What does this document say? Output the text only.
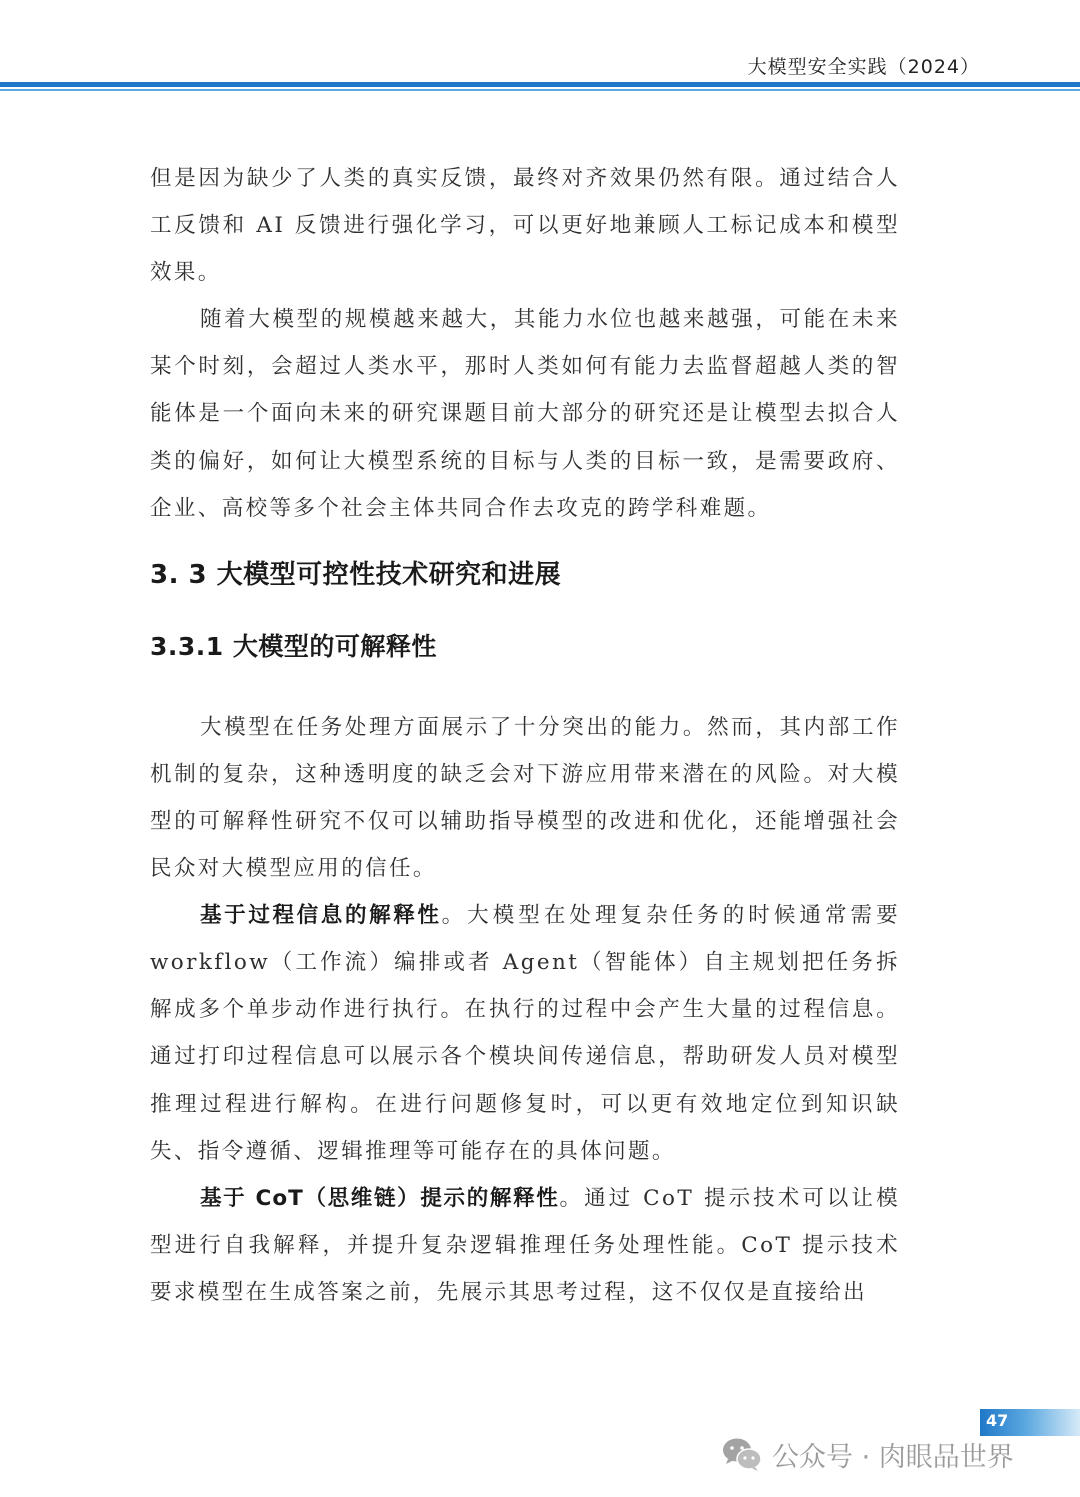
大模型安全实践（2024）

但是因为缺少了人类的真实反馈，最终对齐效果仍然有限。通过结合人工反馈和 AI 反馈进行强化学习，可以更好地兼顾人工标记成本和模型效果。

随着大模型的规模越来越大，其能力水位也越来越强，可能在未来某个时刻，会超过人类水平，那时人类如何有能力去监督超越人类的智能体是一个面向未来的研究课题目前大部分的研究还是让模型去拟合人类的偏好，如何让大模型系统的目标与人类的目标一致，是需要政府、企业、高校等多个社会主体共同合作去攻克的跨学科难题。

3. 3 大模型可控性技术研究和进展
3.3.1 大模型的可解释性

大模型在任务处理方面展示了十分突出的能力。然而，其内部工作机制的复杂，这种透明度的缺乏会对下游应用带来潜在的风险。对大模型的可解释性研究不仅可以辅助指导模型的改进和优化，还能增强社会民众对大模型应用的信任。

基于过程信息的解释性。大模型在处理复杂任务的时候通常需要 workflow（工作流）编排或者 Agent（智能体）自主规划把任务拆解成多个单步动作进行执行。在执行的过程中会产生大量的过程信息。通过打印过程信息可以展示各个模块间传递信息，帮助研发人员对模型推理过程进行解构。在进行问题修复时，可以更有效地定位到知识缺失、指令遵循、逻辑推理等可能存在的具体问题。

基于 CoT（思维链）提示的解释性。通过 CoT 提示技术可以让模型进行自我解释，并提升复杂逻辑推理任务处理性能。CoT 提示技术要求模型在生成答案之前，先展示其思考过程，这不仅仅是直接给出

47
公众号 · 肉眼品世界
